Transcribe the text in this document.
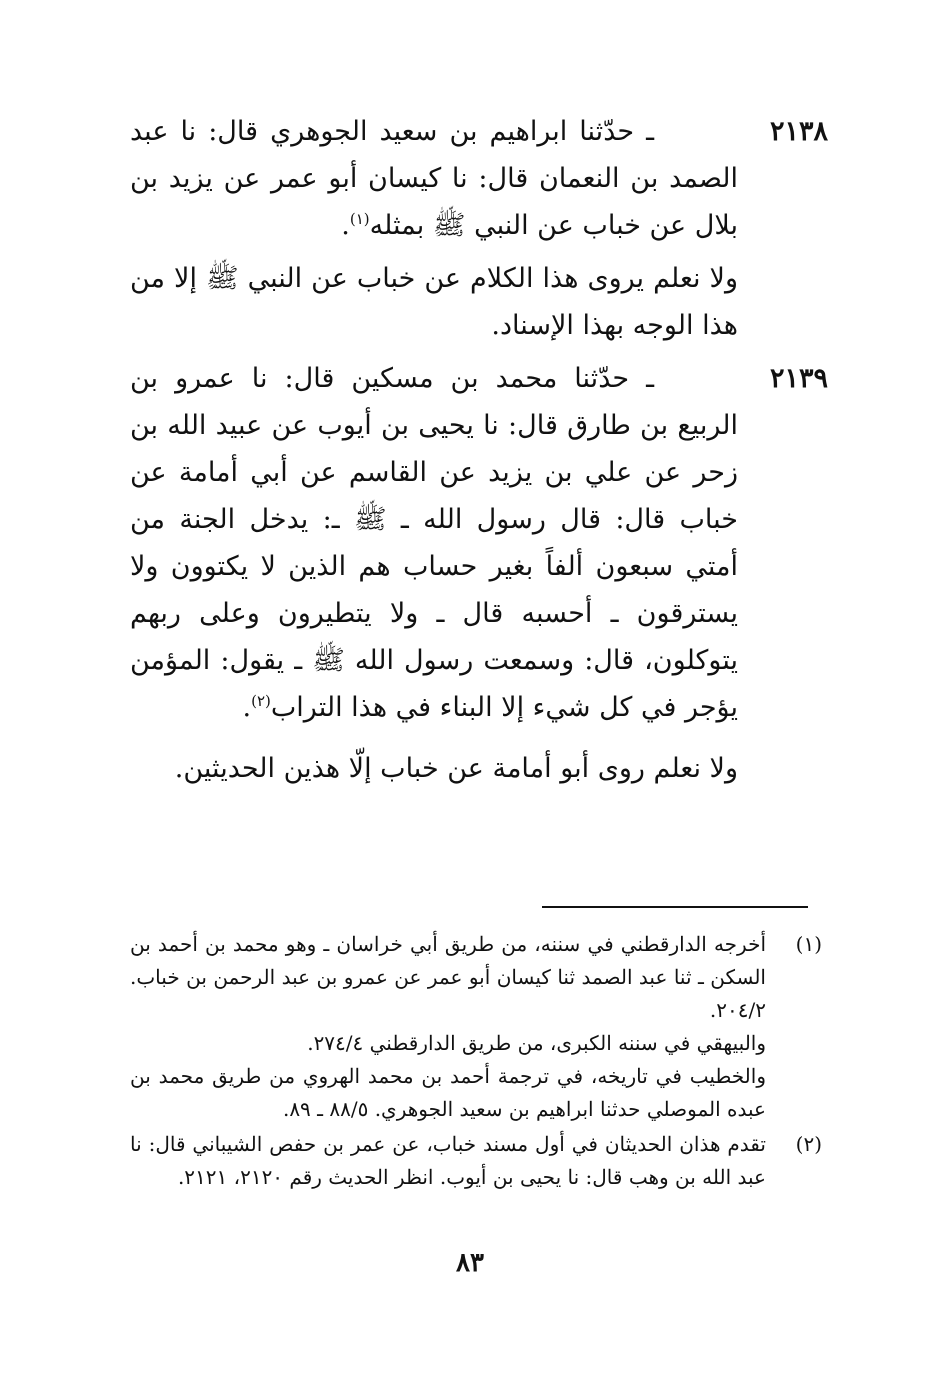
٢١٣٨

ـ حدّثنا ابراهيم بن سعيد الجوهري قال: نا عبد الصمد بن النعمان قال: نا كيسان أبو عمر عن يزيد بن بلال عن خباب عن النبي ﷺ بمثله$^{(١)}$.

ولا نعلم يروى هذا الكلام عن خباب عن النبي ﷺ إلا من هذا الوجه بهذا الإسناد.

٢١٣٩

ـ حدّثنا محمد بن مسكين قال: نا عمرو بن الربيع بن طارق قال: نا يحيى بن أيوب عن عبيد الله بن زحر عن علي بن يزيد عن القاسم عن أبي أمامة عن خباب قال: قال رسول الله ـ ﷺ ـ: يدخل الجنة من أمتي سبعون ألفاً بغير حساب هم الذين لا يكتوون ولا يسترقون ـ أحسبه قال ـ ولا يتطيرون وعلى ربهم يتوكلون، قال: وسمعت رسول الله ﷺ ـ يقول: المؤمن يؤجر في كل شيء إلا البناء في هذا التراب$^{(٢)}$.

ولا نعلم روى أبو أمامة عن خباب إلّا هذين الحديثين.

(١)

أخرجه الدارقطني في سننه، من طريق أبي خراسان ـ وهو محمد بن أحمد بن السكن ـ ثنا عبد الصمد ثنا كيسان أبو عمر عن عمرو بن عبد الرحمن بن خباب. ٢٠٤/٢.

والبيهقي في سننه الكبرى، من طريق الدارقطني ٢٧٤/٤.

والخطيب في تاريخه، في ترجمة أحمد بن محمد الهروي من طريق محمد بن عبده الموصلي حدثنا ابراهيم بن سعيد الجوهري. ٨٨/٥ ـ ٨٩.

(٢)

تقدم هذان الحديثان في أول مسند خباب، عن عمر بن حفص الشيباني قال: نا عبد الله بن وهب قال: نا يحيى بن أيوب. انظر الحديث رقم ٢١٢٠، ٢١٢١.

٨٣
